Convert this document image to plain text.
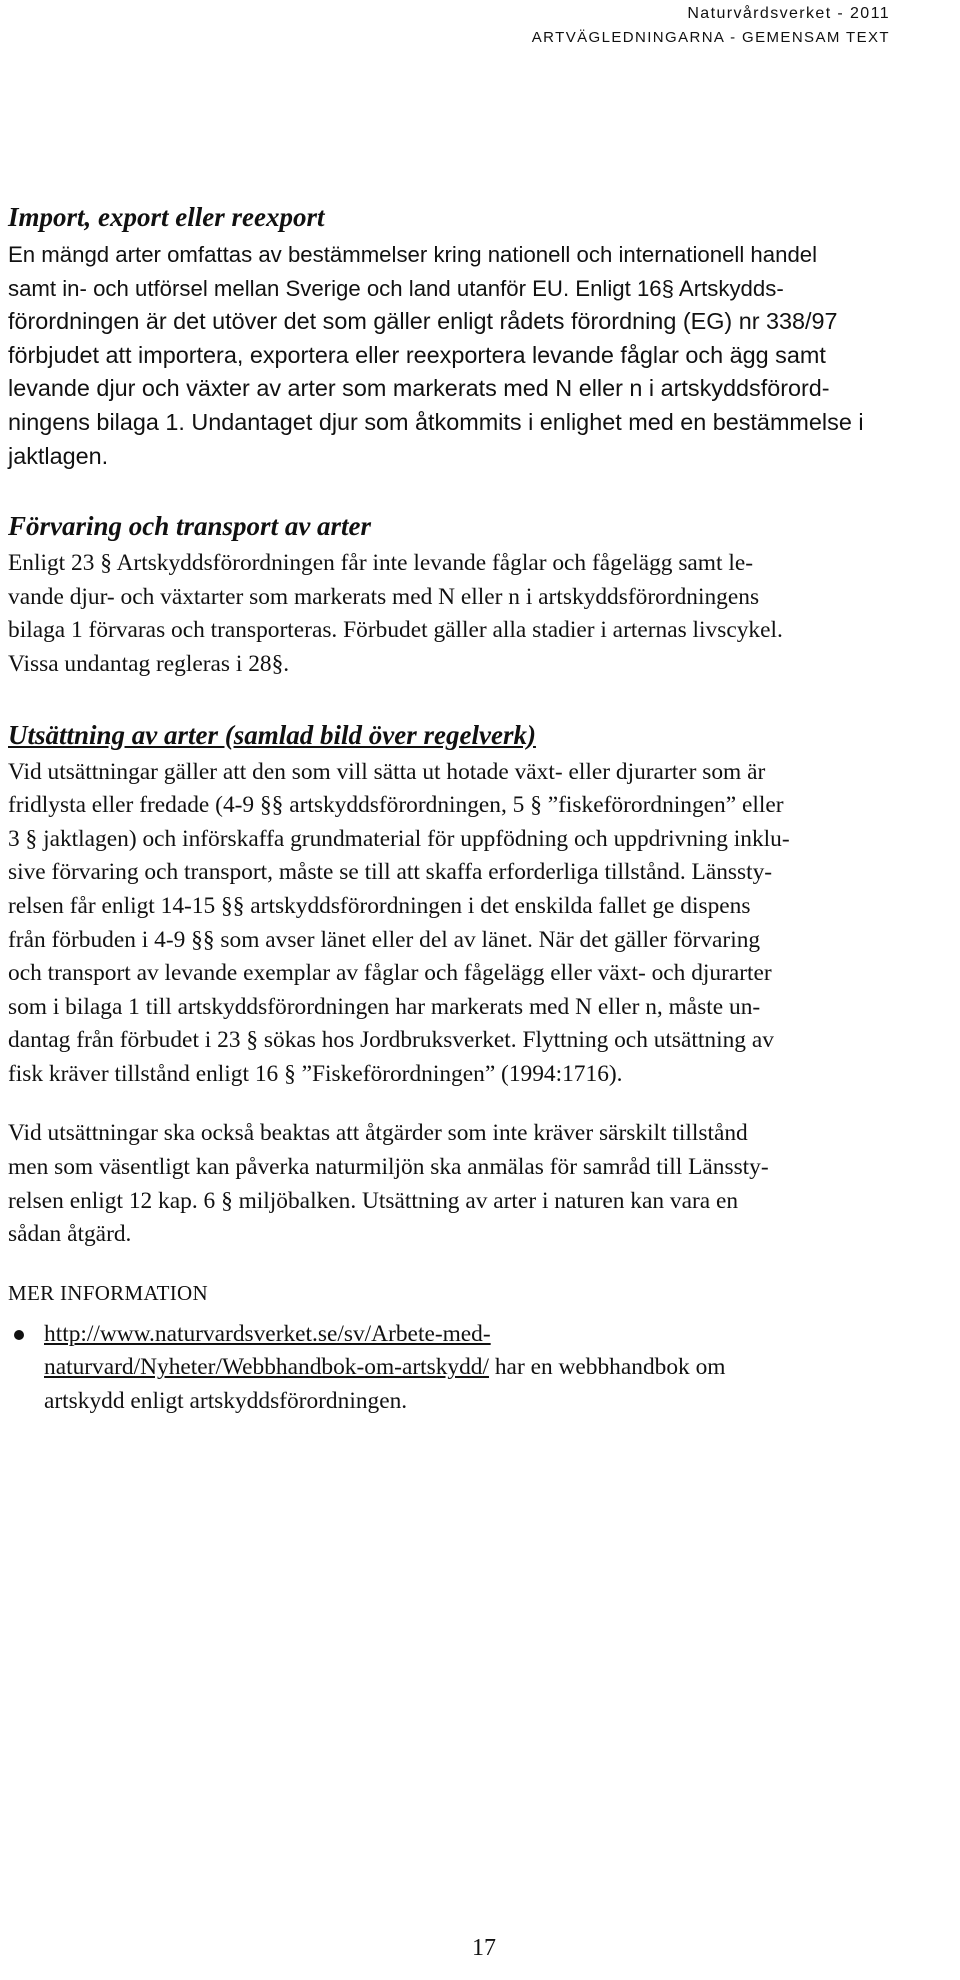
Naturvårdsverket - 2011
ARTVÄGLEDNINGARNA - GEMENSAM TEXT
Import, export eller reexport
En mängd arter omfattas av bestämmelser kring nationell och internationell handel
samt in- och utförsel mellan Sverige och land utanför EU. Enligt 16§ Artskydds-
förordningen är det utöver det som gäller enligt rådets förordning (EG) nr 338/97
förbjudet att importera, exportera eller reexportera levande fåglar och ägg samt
levande djur och växter av arter som markerats med N eller n i artskyddsförord-
ningens bilaga 1. Undantaget djur som åtkommits i enlighet med en bestämmelse i
jaktlagen.
Förvaring och transport av arter
Enligt 23 § Artskyddsförordningen får inte levande fåglar och fågelägg samt le-
vande djur- och växtarter som markerats med N eller n i artskyddsförordningens
bilaga 1 förvaras och transporteras. Förbudet gäller alla stadier i arternas livscykel.
Vissa undantag regleras i 28§.
Utsättning av arter (samlad bild över regelverk)
Vid utsättningar gäller att den som vill sätta ut hotade växt- eller djurarter som är
fridlysta eller fredade (4-9 §§ artskyddsförordningen, 5 § ”fiskeförordningen” eller
3 § jaktlagen) och införskaffa grundmaterial för uppfödning och uppdrivning inklu-
sive förvaring och transport, måste se till att skaffa erforderliga tillstånd. Länssty-
relsen får enligt 14-15 §§ artskyddsförordningen i det enskilda fallet ge dispens
från förbuden i 4-9 §§ som avser länet eller del av länet. När det gäller förvaring
och transport av levande exemplar av fåglar och fågelägg eller växt- och djurarter
som i bilaga 1 till artskyddsförordningen har markerats med N eller n, måste un-
dantag från förbudet i 23 § sökas hos Jordbruksverket. Flyttning och utsättning av
fisk kräver tillstånd enligt 16 § ”Fiskeförordningen” (1994:1716).
Vid utsättningar ska också beaktas att åtgärder som inte kräver särskilt tillstånd
men som väsentligt kan påverka naturmiljön ska anmälas för samråd till Länssty-
relsen enligt 12 kap. 6 § miljöbalken. Utsättning av arter i naturen kan vara en
sådan åtgärd.
MER INFORMATION
http://www.naturvardsverket.se/sv/Arbete-med-
naturvard/Nyheter/Webbhandbok-om-artskydd/ har en webbhandbok om
artskydd enligt artskyddsförordningen.
17
